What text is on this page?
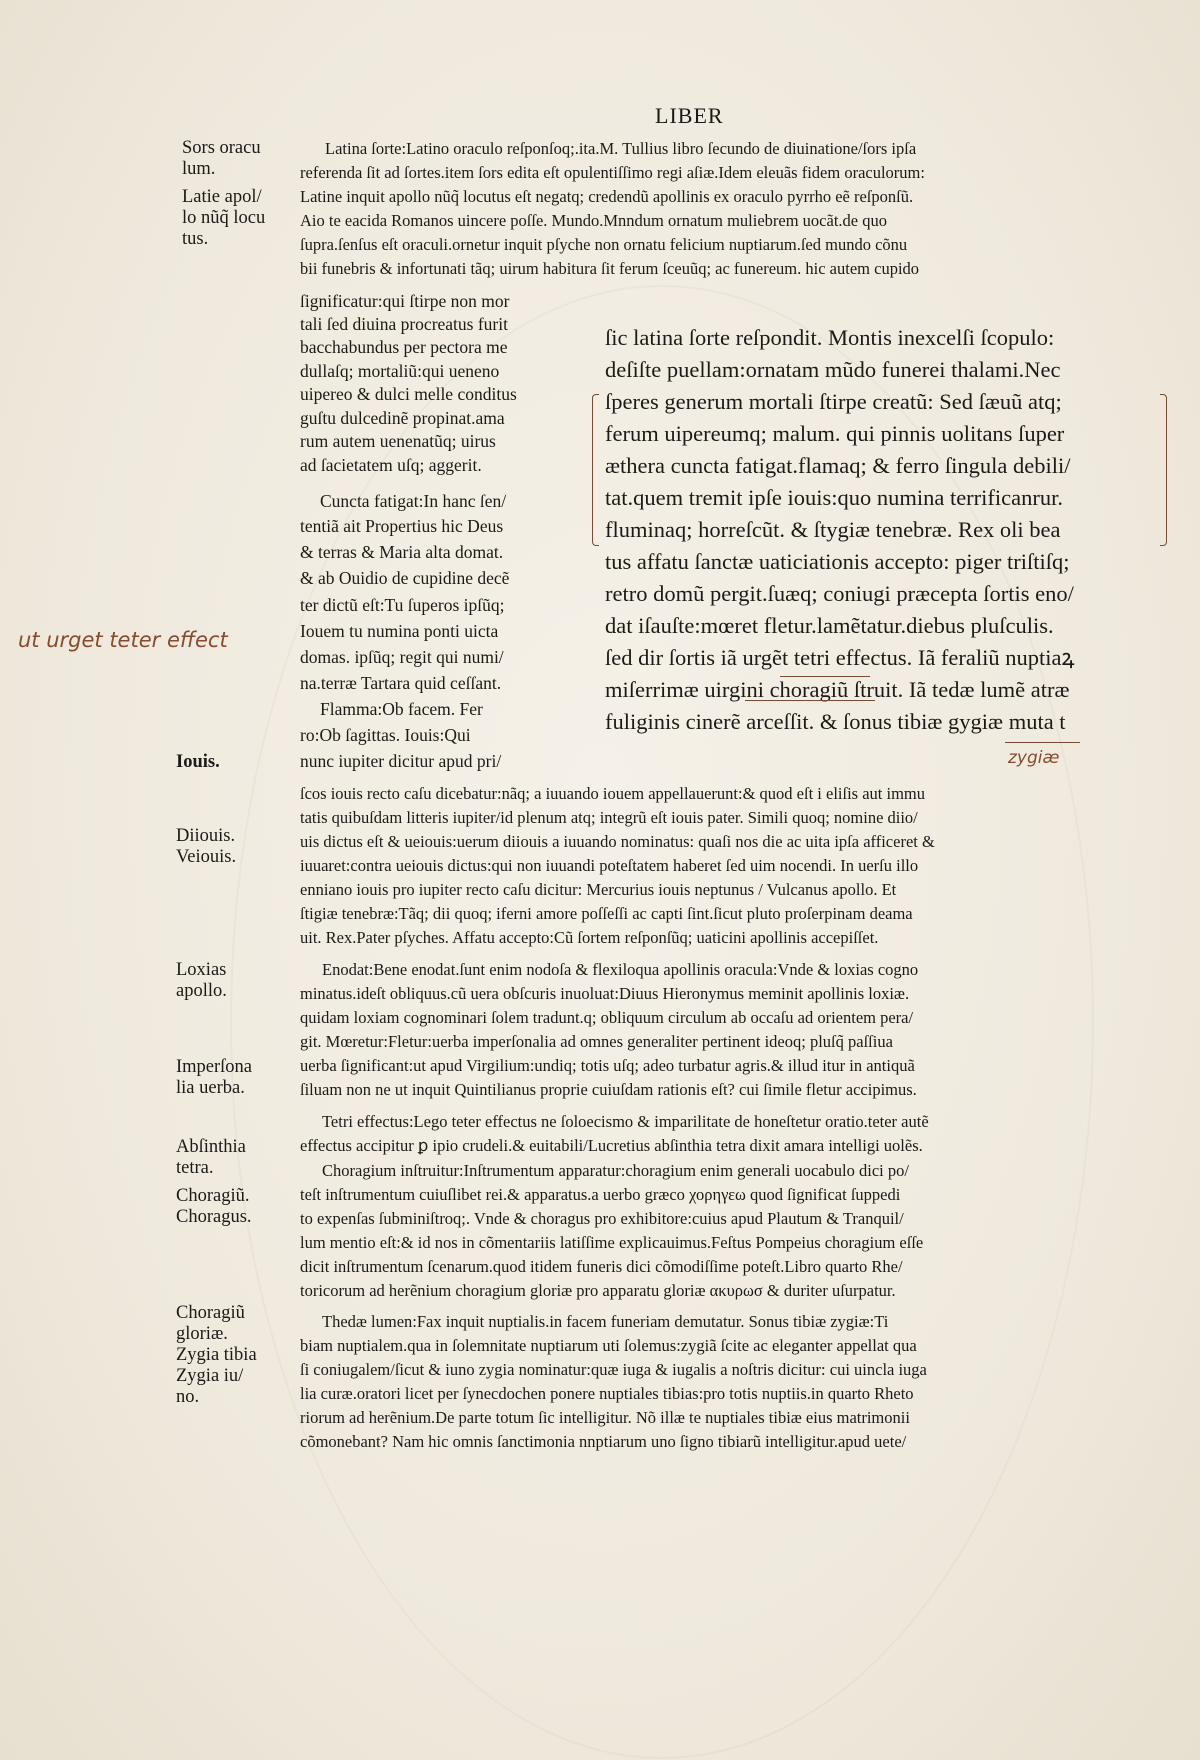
LIBER
Sors oracu
lum.
Latie apol/
lo nũq̃ locu
tus.
Iouis.
Diiouis.
Veiouis.
Loxias
apollo.
Imperſona
lia uerba.
Abſinthia
tetra.
Choragiũ.
Choragus.
Choragiũ
gloriæ.
Zygia tibia
Zygia iu/
no.
Latina ſorte:Latino oraculo reſponſoq;.ita.M. Tullius libro ſecundo de diuinatione/ſors ipſa
referenda ſit ad ſortes.item ſors edita eſt opulentiſſimo regi aſiæ.Idem eleuãs fidem oraculorum:
Latine inquit apollo nũq̃ locutus eſt negatq; credendũ apollinis ex oraculo pyrrho eẽ reſponſũ.
Aio te eacida Romanos uincere poſſe. Mundo.Mnndum ornatum muliebrem uocãt.de quo
ſupra.ſenſus eſt oraculi.ornetur inquit pſyche non ornatu felicium nuptiarum.ſed mundo cõnu
bii funebris & infortunati tãq; uirum habitura ſit ferum ſceuũq; ac funereum. hic autem cupido
ſignificatur:qui ſtirpe non mor
tali ſed diuina procreatus furit
bacchabundus per pectora me
dullaſq; mortaliũ:qui ueneno
uipereo & dulci melle conditus
guſtu dulcedinẽ propinat.ama
rum autem uenenatũq; uirus
ad ſacietatem uſq; aggerit.
Cuncta fatigat:In hanc ſen/
tentiã ait Propertius hic Deus
& terras & Maria alta domat.
& ab Ouidio de cupidine decẽ
ter dictũ eſt:Tu ſuperos ipſũq;
Iouem tu numina ponti uicta
domas. ipſũq; regit qui numi/
na.terræ Tartara quid ceſſant.
Flamma:Ob facem. Fer
ro:Ob ſagittas. Iouis:Qui
nunc iupiter dicitur apud pri/
ſic latina ſorte reſpondit. Montis inexcelſi ſcopulo:
deſiſte puellam:ornatam mũdo funerei thalami.Nec
ſperes generum mortali ſtirpe creatũ: Sed ſæuũ atq;
ferum uipereumq; malum. qui pinnis uolitans ſuper
æthera cuncta fatigat.flamaq; & ferro ſingula debili/
tat.quem tremit ipſe iouis:quo numina terrificanrur.
fluminaq; horreſcũt. & ſtygiæ tenebræ. Rex oli bea
tus affatu ſanctæ uaticiationis accepto: piger triſtiſq;
retro domũ pergit.ſuæq; coniugi præcepta ſortis eno/
dat iſauſte:mœret fletur.lamẽtatur.diebus pluſculis.
ſed dir ſortis iã urgẽt tetri effectus. Iã feraliũ nuptiaꝝ
miſerrimæ uirgini choragiũ ſtruit. Iã tedæ lumẽ atræ
fuliginis cinerẽ arceſſit. & ſonus tibiæ gygiæ muta t
ſcos iouis recto caſu dicebatur:nãq; a iuuando iouem appellauerunt:& quod eſt i eliſis aut immu
tatis quibuſdam litteris iupiter/id plenum atq; integrũ eſt iouis pater. Simili quoq; nomine diio/
uis dictus eſt & ueiouis:uerum diiouis a iuuando nominatus: quaſi nos die ac uita ipſa afficeret &
iuuaret:contra ueiouis dictus:qui non iuuandi poteſtatem haberet ſed uim nocendi. In uerſu illo
enniano iouis pro iupiter recto caſu dicitur: Mercurius iouis neptunus / Vulcanus apollo. Et
ſtigiæ tenebræ:Tãq; dii quoq; iferni amore poſſeſſi ac capti ſint.ſicut pluto proſerpinam deama
uit. Rex.Pater pſyches. Affatu accepto:Cũ ſortem reſponſũq; uaticini apollinis accepiſſet.
Enodat:Bene enodat.ſunt enim nodoſa & flexiloqua apollinis oracula:Vnde & loxias cogno
minatus.ideſt obliquus.cũ uera obſcuris inuoluat:Diuus Hieronymus meminit apollinis loxiæ.
quidam loxiam cognominari ſolem tradunt.q; obliquum circulum ab occaſu ad orientem pera/
git. Mœretur:Fletur:uerba imperſonalia ad omnes generaliter pertinent ideoq; pluſq̃ paſſiua
uerba ſignificant:ut apud Virgilium:undiq; totis uſq; adeo turbatur agris.& illud itur in antiquã
ſiluam non ne ut inquit Quintilianus proprie cuiuſdam rationis eſt? cui ſimile fletur accipimus.
Tetri effectus:Lego teter effectus ne ſoloecismo & imparilitate de honeſtetur oratio.teter autẽ
effectus accipitur ꝑ ipio crudeli.& euitabili/Lucretius abſinthia tetra dixit amara intelligi uolẽs.
Choragium inſtruitur:Inſtrumentum apparatur:choragium enim generali uocabulo dici po/
teſt inſtrumentum cuiuſlibet rei.& apparatus.a uerbo græco χορηγεω quod ſignificat ſuppedi
to expenſas ſubminiſtroq;. Vnde & choragus pro exhibitore:cuius apud Plautum & Tranquil/
lum mentio eſt:& id nos in cõmentariis latiſſime explicauimus.Feſtus Pompeius choragium eſſe
dicit inſtrumentum ſcenarum.quod itidem funeris dici cõmodiſſime poteſt.Libro quarto Rhe/
toricorum ad herẽnium choragium gloriæ pro apparatu gloriæ ακυρωσ & duriter uſurpatur.
Thedæ lumen:Fax inquit nuptialis.in facem funeriam demutatur. Sonus tibiæ zygiæ:Ti
biam nuptialem.qua in ſolemnitate nuptiarum uti ſolemus:zygiã ſcite ac eleganter appellat qua
ſi coniugalem/ſicut & iuno zygia nominatur:quæ iuga & iugalis a noſtris dicitur: cui uincla iuga
lia curæ.oratori licet per ſynecdochen ponere nuptiales tibias:pro totis nuptiis.in quarto Rheto
riorum ad herẽnium.De parte totum ſic intelligitur. Nõ illæ te nuptiales tibiæ eius matrimonii
cõmonebant? Nam hic omnis ſanctimonia nnptiarum uno ſigno tibiarũ intelligitur.apud uete/
ut urget teter effect
zygiæ
